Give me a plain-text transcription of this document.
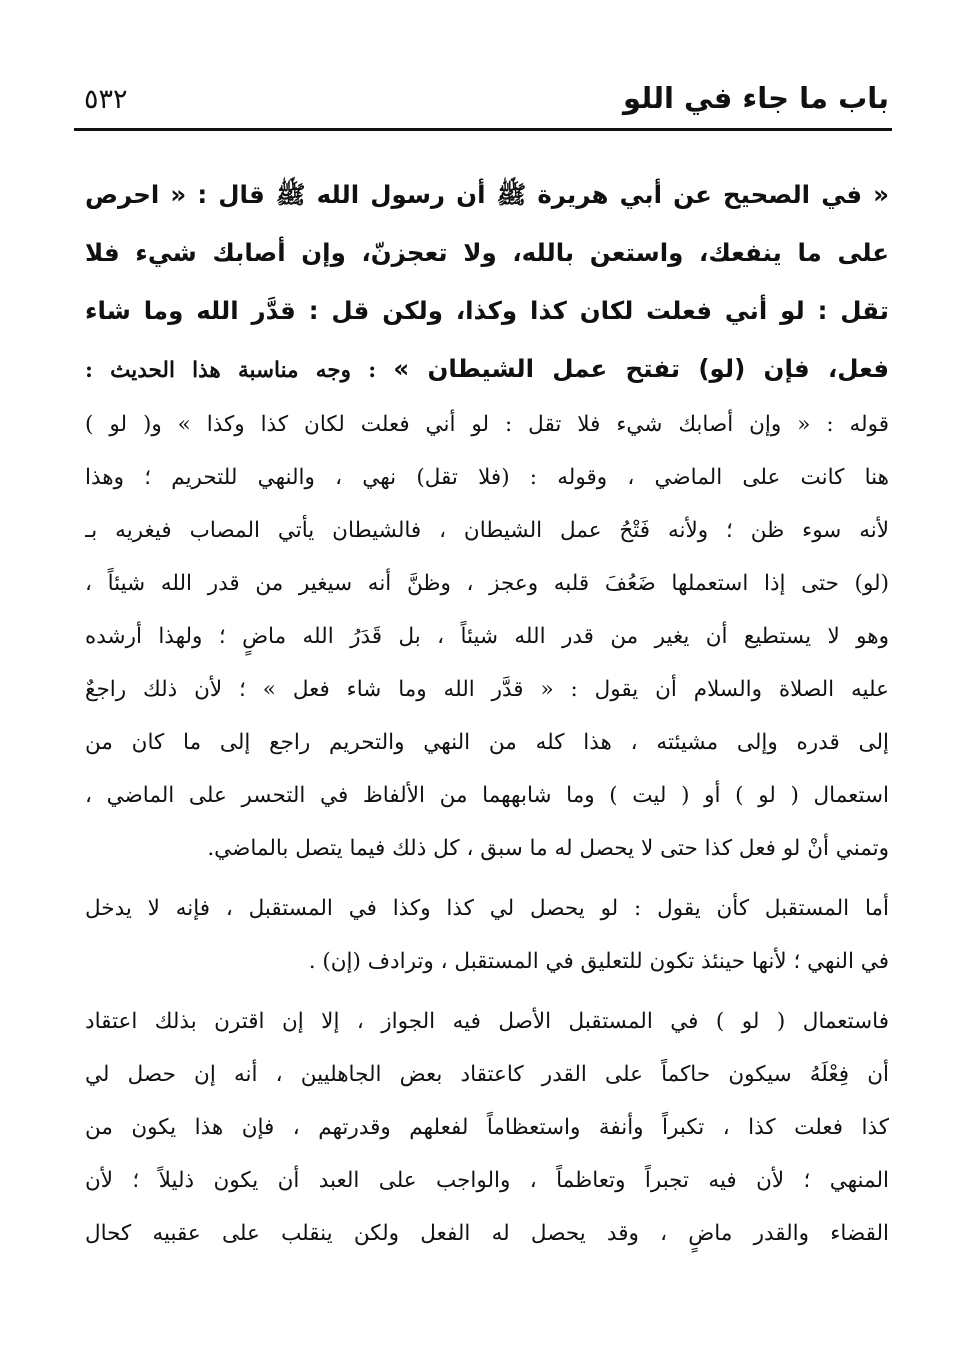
باب ما جاء في اللو
٥٣٢
« في الصحيح عن أبي هريرة ﷺ أن رسول الله ﷺ قال : « احرص
على ما ينفعك، واستعن بالله، ولا تعجزنّ، وإن أصابك شيء فلا
تقل : لو أني فعلت لكان كذا وكذا، ولكن قل : قدَّر الله وما شاء
فعل، فإن (لو) تفتح عمل الشيطان » : وجه مناسبة هذا الحديث :
قوله : « وإن أصابك شيء فلا تقل : لو أني فعلت لكان كذا وكذا » و( لو )
هنا كانت على الماضي ، وقوله : (فلا تقل) نهي ، والنهي للتحريم ؛ وهذا
لأنه سوء ظن ؛ ولأنه فَتْحُ عمل الشيطان ، فالشيطان يأتي المصاب فيغريه بـ
(لو) حتى إذا استعملها ضَعُفَ قلبه وعجز ، وظنَّ أنه سيغير من قدر الله شيئاً ،
وهو لا يستطيع أن يغير من قدر الله شيئاً ، بل قَدَرُ الله ماضٍ ؛ ولهذا أرشده
عليه الصلاة والسلام أن يقول : « قدَّر الله وما شاء فعل » ؛ لأن ذلك راجعٌ
إلى قدره وإلى مشيئته ، هذا كله من النهي والتحريم راجع إلى ما كان من
استعمال ( لو ) أو ( ليت ) وما شابههما من الألفاظ في التحسر على الماضي ،
وتمني أنْ لو فعل كذا حتى لا يحصل له ما سبق ، كل ذلك فيما يتصل بالماضي.
أما المستقبل كأن يقول : لو يحصل لي كذا وكذا في المستقبل ، فإنه لا يدخل
في النهي ؛ لأنها حينئذ تكون للتعليق في المستقبل ، وترادف (إن) .
فاستعمال ( لو ) في المستقبل الأصل فيه الجواز ، إلا إن اقترن بذلك اعتقاد
أن فِعْلَهُ سيكون حاكماً على القدر كاعتقاد بعض الجاهليين ، أنه إن حصل لي
كذا فعلت كذا ، تكبراً وأنفة واستعظاماً لفعلهم وقدرتهم ، فإن هذا يكون من
المنهي ؛ لأن فيه تجبراً وتعاظماً ، والواجب على العبد أن يكون ذليلاً ؛ لأن
القضاء والقدر ماضٍ ، وقد يحصل له الفعل ولكن ينقلب على عقبيه كحال
